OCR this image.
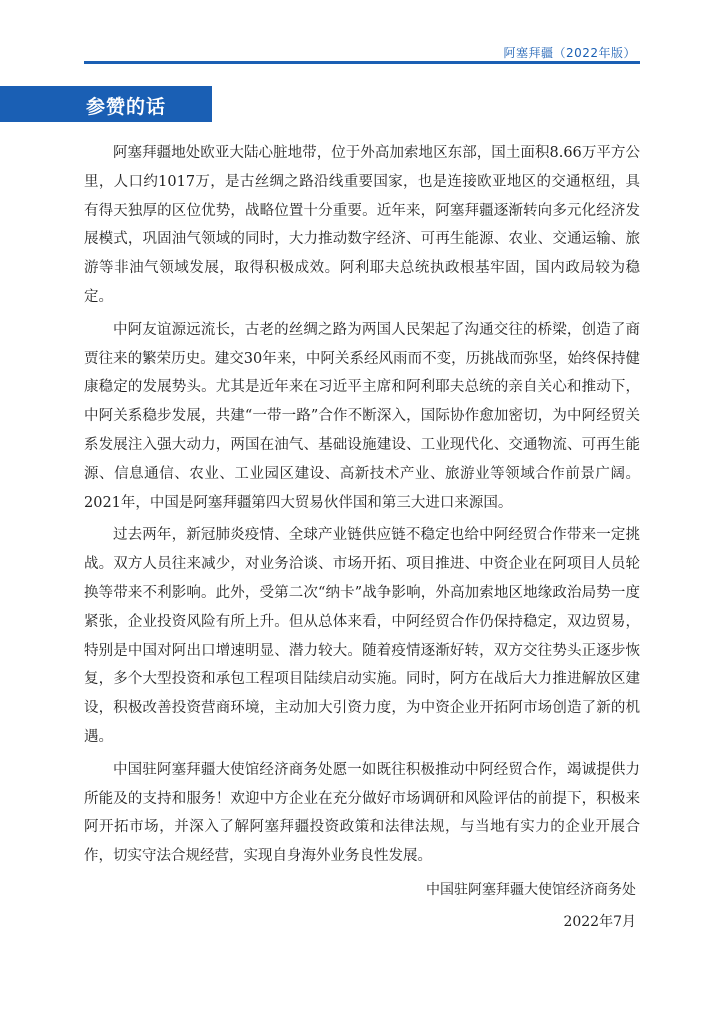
阿塞拜疆（2022年版）
参赞的话

阿塞拜疆地处欧亚大陆心脏地带，位于外高加索地区东部，国土面积8.66万平方公里，人口约1017万，是古丝绸之路沿线重要国家，也是连接欧亚地区的交通枢纽，具有得天独厚的区位优势，战略位置十分重要。近年来，阿塞拜疆逐渐转向多元化经济发展模式，巩固油气领域的同时，大力推动数字经济、可再生能源、农业、交通运输、旅游等非油气领域发展，取得积极成效。阿利耶夫总统执政根基牢固，国内政局较为稳定。

中阿友谊源远流长，古老的丝绸之路为两国人民架起了沟通交往的桥梁，创造了商贾往来的繁荣历史。建交30年来，中阿关系经风雨而不变，历挑战而弥坚，始终保持健康稳定的发展势头。尤其是近年来在习近平主席和阿利耶夫总统的亲自关心和推动下，中阿关系稳步发展，共建“一带一路”合作不断深入，国际协作愈加密切，为中阿经贸关系发展注入强大动力，两国在油气、基础设施建设、工业现代化、交通物流、可再生能源、信息通信、农业、工业园区建设、高新技术产业、旅游业等领域合作前景广阔。2021年，中国是阿塞拜疆第四大贸易伙伴国和第三大进口来源国。

过去两年，新冠肺炎疫情、全球产业链供应链不稳定也给中阿经贸合作带来一定挑战。双方人员往来减少，对业务洽谈、市场开拓、项目推进、中资企业在阿项目人员轮换等带来不利影响。此外，受第二次“纳卡”战争影响，外高加索地区地缘政治局势一度紧张，企业投资风险有所上升。但从总体来看，中阿经贸合作仍保持稳定，双边贸易，特别是中国对阿出口增速明显、潜力较大。随着疫情逐渐好转，双方交往势头正逐步恢复，多个大型投资和承包工程项目陆续启动实施。同时，阿方在战后大力推进解放区建设，积极改善投资营商环境，主动加大引资力度，为中资企业开拓阿市场创造了新的机遇。

中国驻阿塞拜疆大使馆经济商务处愿一如既往积极推动中阿经贸合作，竭诚提供力所能及的支持和服务！欢迎中方企业在充分做好市场调研和风险评估的前提下，积极来阿开拓市场，并深入了解阿塞拜疆投资政策和法律法规，与当地有实力的企业开展合作，切实守法合规经营，实现自身海外业务良性发展。

中国驻阿塞拜疆大使馆经济商务处
2022年7月
